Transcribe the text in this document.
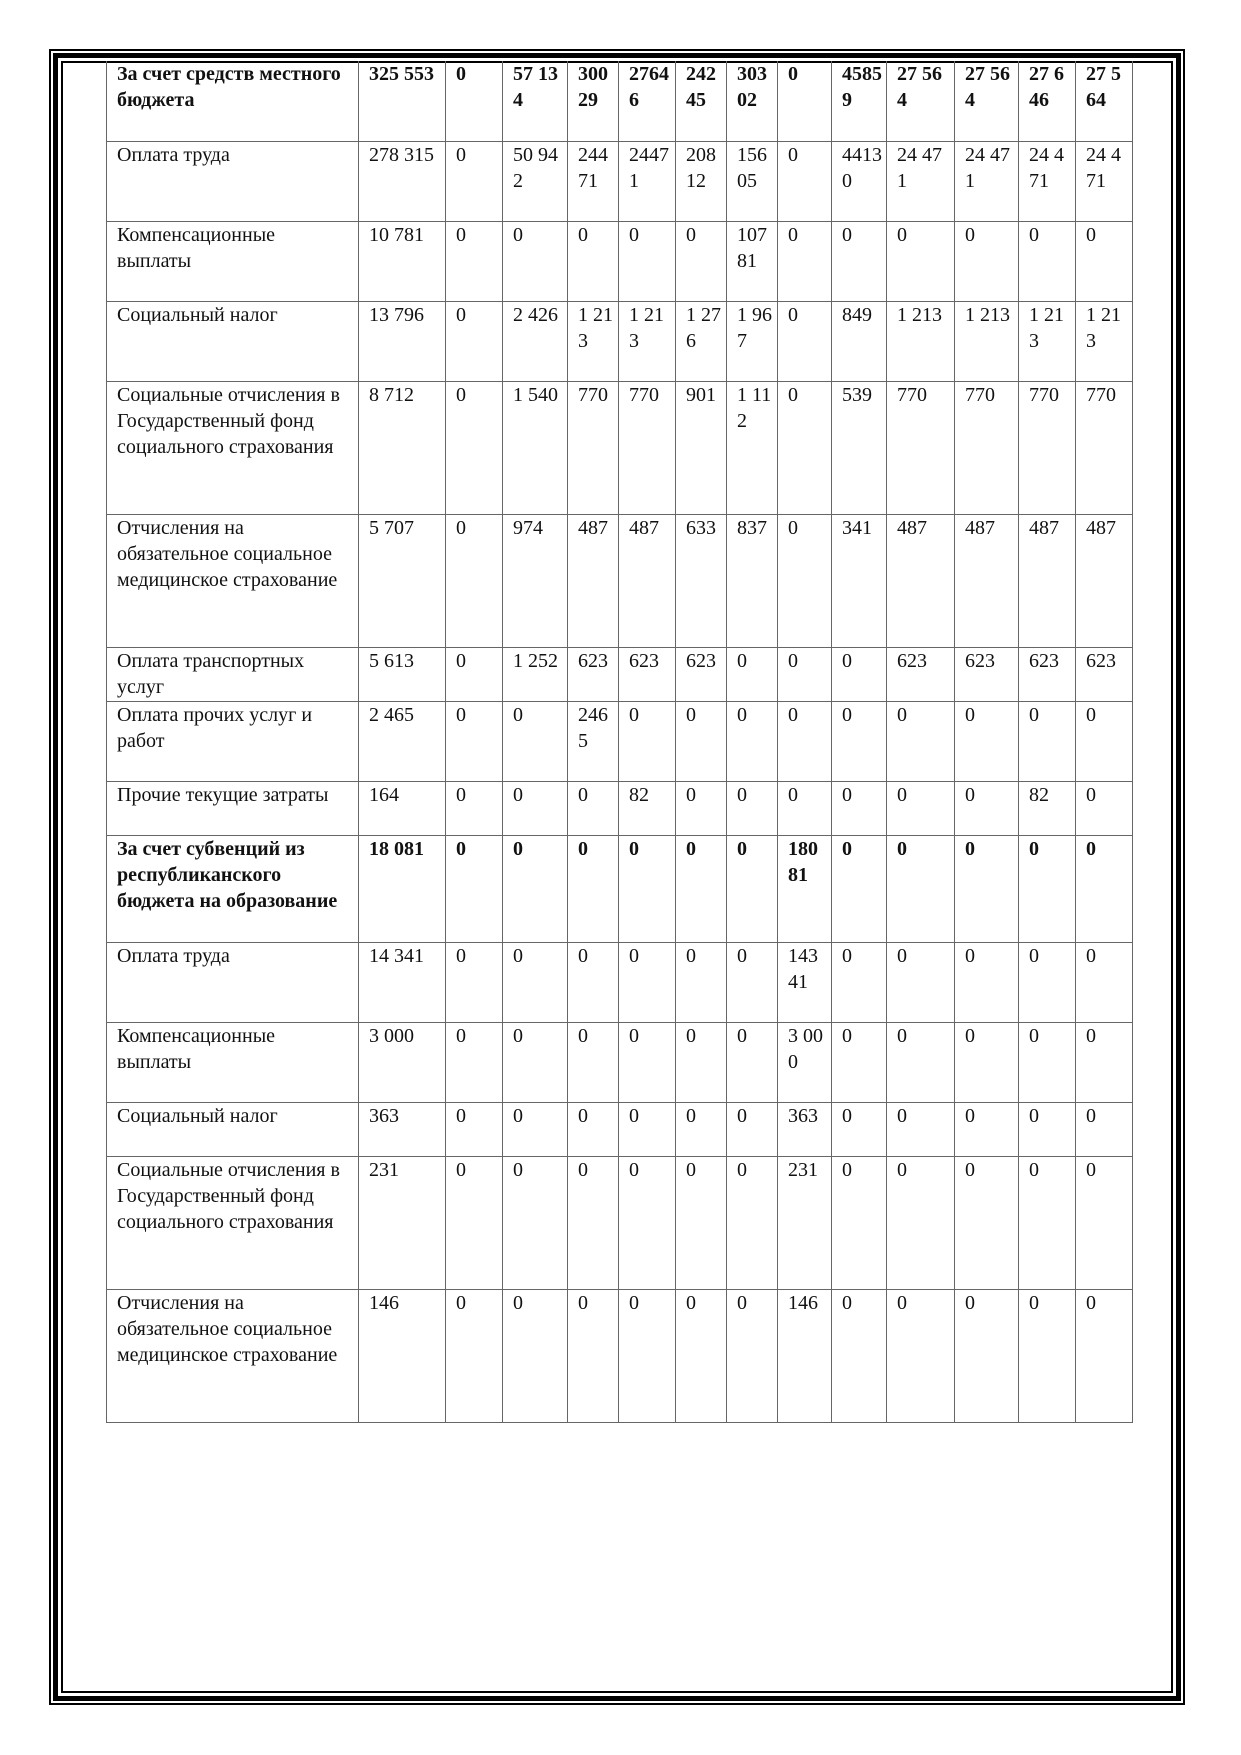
За счет средств местного бюджета	325 553	0	57 134	30029	27646	24245	30302	0	45859	27 564	27 564	27 646	27 564
Оплата труда	278 315	0	50 942	24471	24471	20812	15605	0	44130	24 471	24 471	24 471	24 471
Компенсационные выплаты	10 781	0	0	0	0	0	10781	0	0	0	0	0	0
Социальный налог	13 796	0	2 426	1 213	1 213	1 276	1 967	0	849	1 213	1 213	1 213	1 213
Социальные отчисления в Государственный фонд социального страхования	8 712	0	1 540	770	770	901	1 112	0	539	770	770	770	770
Отчисления на обязательное социальное медицинское страхование	5 707	0	974	487	487	633	837	0	341	487	487	487	487
Оплата транспортных услуг	5 613	0	1 252	623	623	623	0	0	0	623	623	623	623
Оплата прочих услуг и работ	2 465	0	0	2465	0	0	0	0	0	0	0	0	0
Прочие текущие затраты	164	0	0	0	82	0	0	0	0	0	0	82	0
За счет субвенций из республиканского бюджета на образование	18 081	0	0	0	0	0	0	18081	0	0	0	0	0
Оплата труда	14 341	0	0	0	0	0	0	14341	0	0	0	0	0
Компенсационные выплаты	3 000	0	0	0	0	0	0	3 000	0	0	0	0	0
Социальный налог	363	0	0	0	0	0	0	363	0	0	0	0	0
Социальные отчисления в Государственный фонд социального страхования	231	0	0	0	0	0	0	231	0	0	0	0	0
Отчисления на обязательное социальное медицинское страхование	146	0	0	0	0	0	0	146	0	0	0	0	0
